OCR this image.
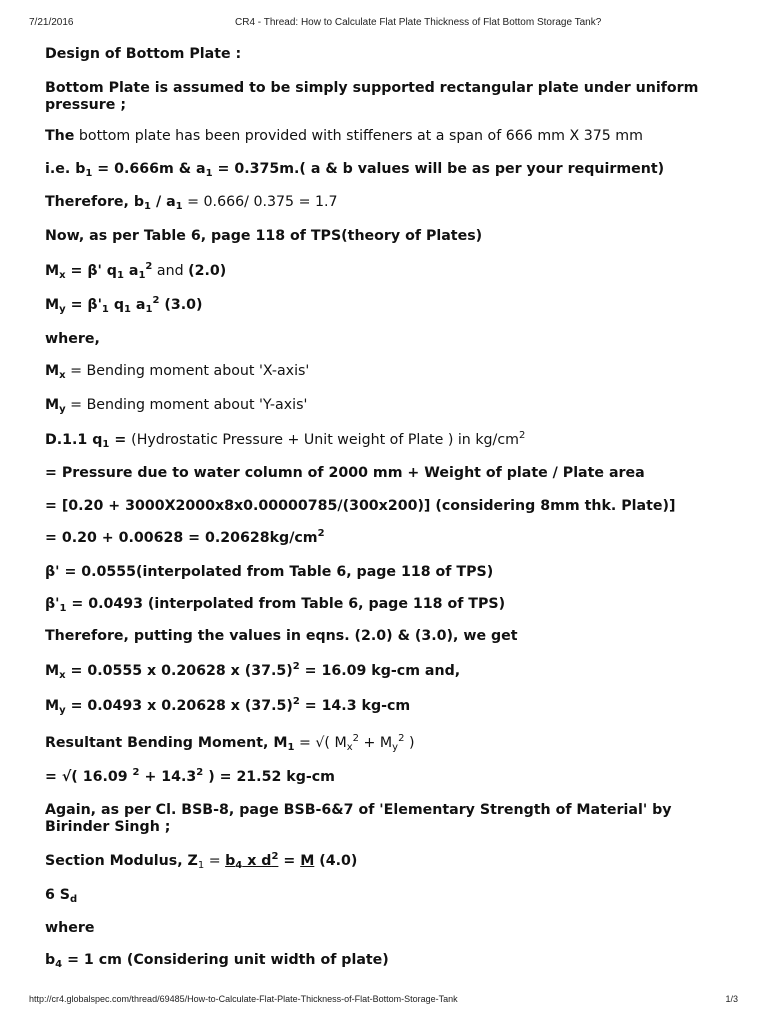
7/21/2016	CR4 - Thread: How to Calculate Flat Plate Thickness of Flat Bottom Storage Tank?
Design of Bottom Plate :
Bottom Plate is assumed to be simply supported rectangular plate under uniform
pressure ;
The bottom plate has been provided with stiffeners at a span of 666 mm X 375 mm
i.e. $b_1 = 0.666m$ & $a_1 = 0.375m$.( a & b values will be as per your requirment)
Therefore, $b_1 / a_1 = 0.666/$ 0.375 = 1.7
Now, as per Table 6, page 118 of TPS(theory of Plates)
$M_x = \beta'$ $q_1$ $a_1^2$ and (2.0)
$M_y = \beta'_1$ $q_1$ $a_1^2$ (3.0)
where,
$M_x$ = Bending moment about 'X-axis'
$M_y$ = Bending moment about 'Y-axis'
D.1.1 $q_1$ = (Hydrostatic Pressure + Unit weight of Plate ) in $kg/cm^2$
= Pressure due to water column of 2000 mm + Weight of plate / Plate area
= [0.20 + 3000X2000x8x0.00000785/(300x200)] (considering 8mm thk. Plate)]
= $0.20 + 0.00628 = 0.20628kg/cm^2$
β' = 0.0555(interpolated from Table 6, page 118 of TPS)
$\beta'_1 = 0.0493$ (interpolated from Table 6, page 118 of TPS)
Therefore, putting the values in eqns. (2.0) & (3.0), we get
$M_x = 0.0555$ x 0.20628 x $(37.5)^2 = 16.09$ kg-cm and,
$M_y = 0.0493$ x 0.20628 x $(37.5)^2 = 14.3$ kg-cm
Resultant Bending Moment, $M_1$ = √( $M_x^2 + M_y^2$ )
= √( 16.09 $^2 + 14.3^2$ ) = 21.52 kg-cm
Again, as per Cl. BSB-8, page BSB-6&7 of 'Elementary Strength of Material' by
Birinder Singh ;
Section Modulus, $Z_1 = b_4$ x $d^2 = M$ (4.0)
6 $S_d$
where
$b_4 = 1$ cm (Considering unit width of plate)
http://cr4.globalspec.com/thread/69485/How-to-Calculate-Flat-Plate-Thickness-of-Flat-Bottom-Storage-Tank	1/3
